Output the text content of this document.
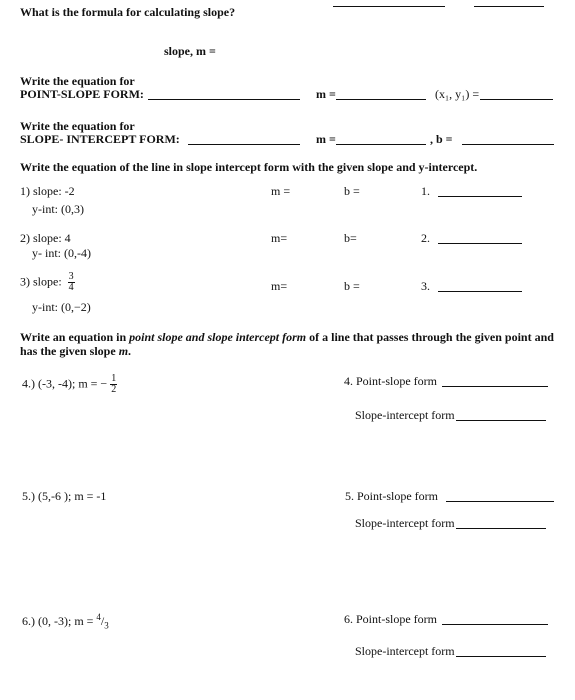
What is the formula for calculating slope?
slope, m =
Write the equation for
POINT-SLOPE FORM:	m =	(x₁, y₁) =
Write the equation for
SLOPE- INTERCEPT FORM:	m =	, b =
Write the equation of the line in slope intercept form with the given slope and y-intercept.
1) slope: -2
y-int: (0,3)
m =	b =	1.
2) slope: 4
y- int: (0,-4)
m=	b=	2.
3) slope: $\frac{3}{4}$
y-int: (0,−2)
m=	b =	3.
Write an equation in point slope and slope intercept form of a line that passes through the given point and
has the given slope m.
4.) (-3, -4); m = − $\frac{1}{2}$	4. Point-slope form
Slope-intercept form
5.) (5,-6 ); m = -1	5. Point-slope form
Slope-intercept form
6.) (0, -3); $m = ^4/_3$	6. Point-slope form
Slope-intercept form
